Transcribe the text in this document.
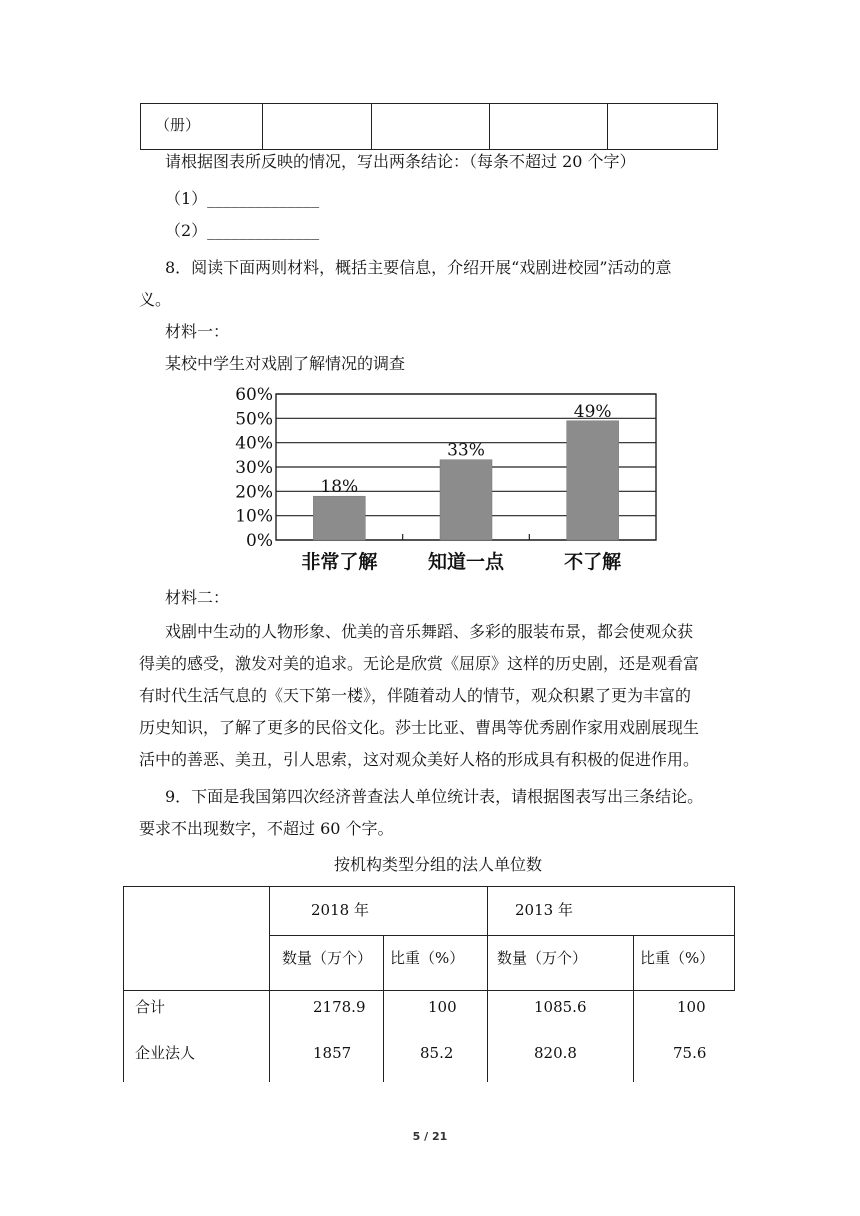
（册）
请根据图表所反映的情况，写出两条结论：（每条不超过 20 个字）
（1）______________
（2）______________
8．阅读下面两则材料，概括主要信息，介绍开展“戏剧进校园”活动的意
义。
材料一：
某校中学生对戏剧了解情况的调查
0%
10%
20%
30%
40%
50%
60%
18%
非常了解
33%
知道一点
49%
不了解
材料二：
戏剧中生动的人物形象、优美的音乐舞蹈、多彩的服装布景，都会使观众获
得美的感受，激发对美的追求。无论是欣赏《屈原》这样的历史剧，还是观看富
有时代生活气息的《天下第一楼》，伴随着动人的情节，观众积累了更为丰富的
历史知识，了解了更多的民俗文化。莎士比亚、曹禺等优秀剧作家用戏剧展现生
活中的善恶、美丑，引人思索，这对观众美好人格的形成具有积极的促进作用。
9．下面是我国第四次经济普查法人单位统计表，请根据图表写出三条结论。
要求不出现数字，不超过 60 个字。
按机构类型分组的法人单位数
2018 年	2013 年
数量（万个） 比重（%） 数量（万个）	比重（%）
合计	2178.9	100	1085.6	100
企业法人	1857	85.2	820.8	75.6
5 / 21
